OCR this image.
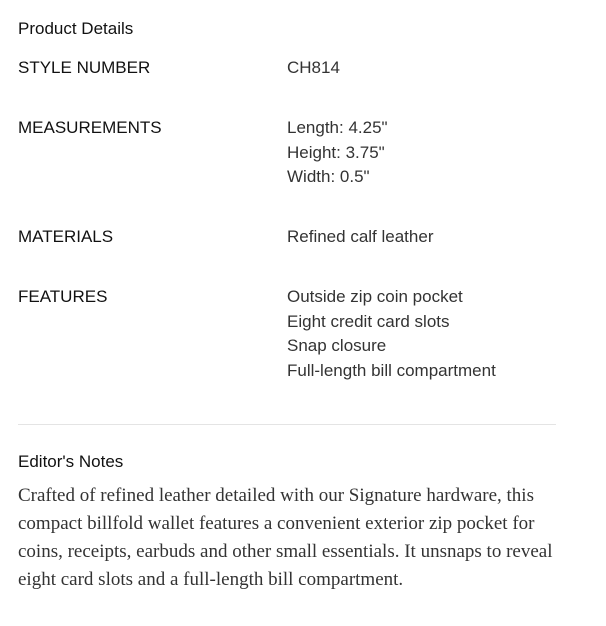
Product Details
STYLE NUMBER	CH814
MEASUREMENTS	Length: 4.25"
Height: 3.75"
Width: 0.5"
MATERIALS	Refined calf leather
FEATURES	Outside zip coin pocket
Eight credit card slots
Snap closure
Full-length bill compartment
Editor's Notes
Crafted of refined leather detailed with our Signature hardware, this compact billfold wallet features a convenient exterior zip pocket for coins, receipts, earbuds and other small essentials. It unsnaps to reveal eight card slots and a full-length bill compartment.
